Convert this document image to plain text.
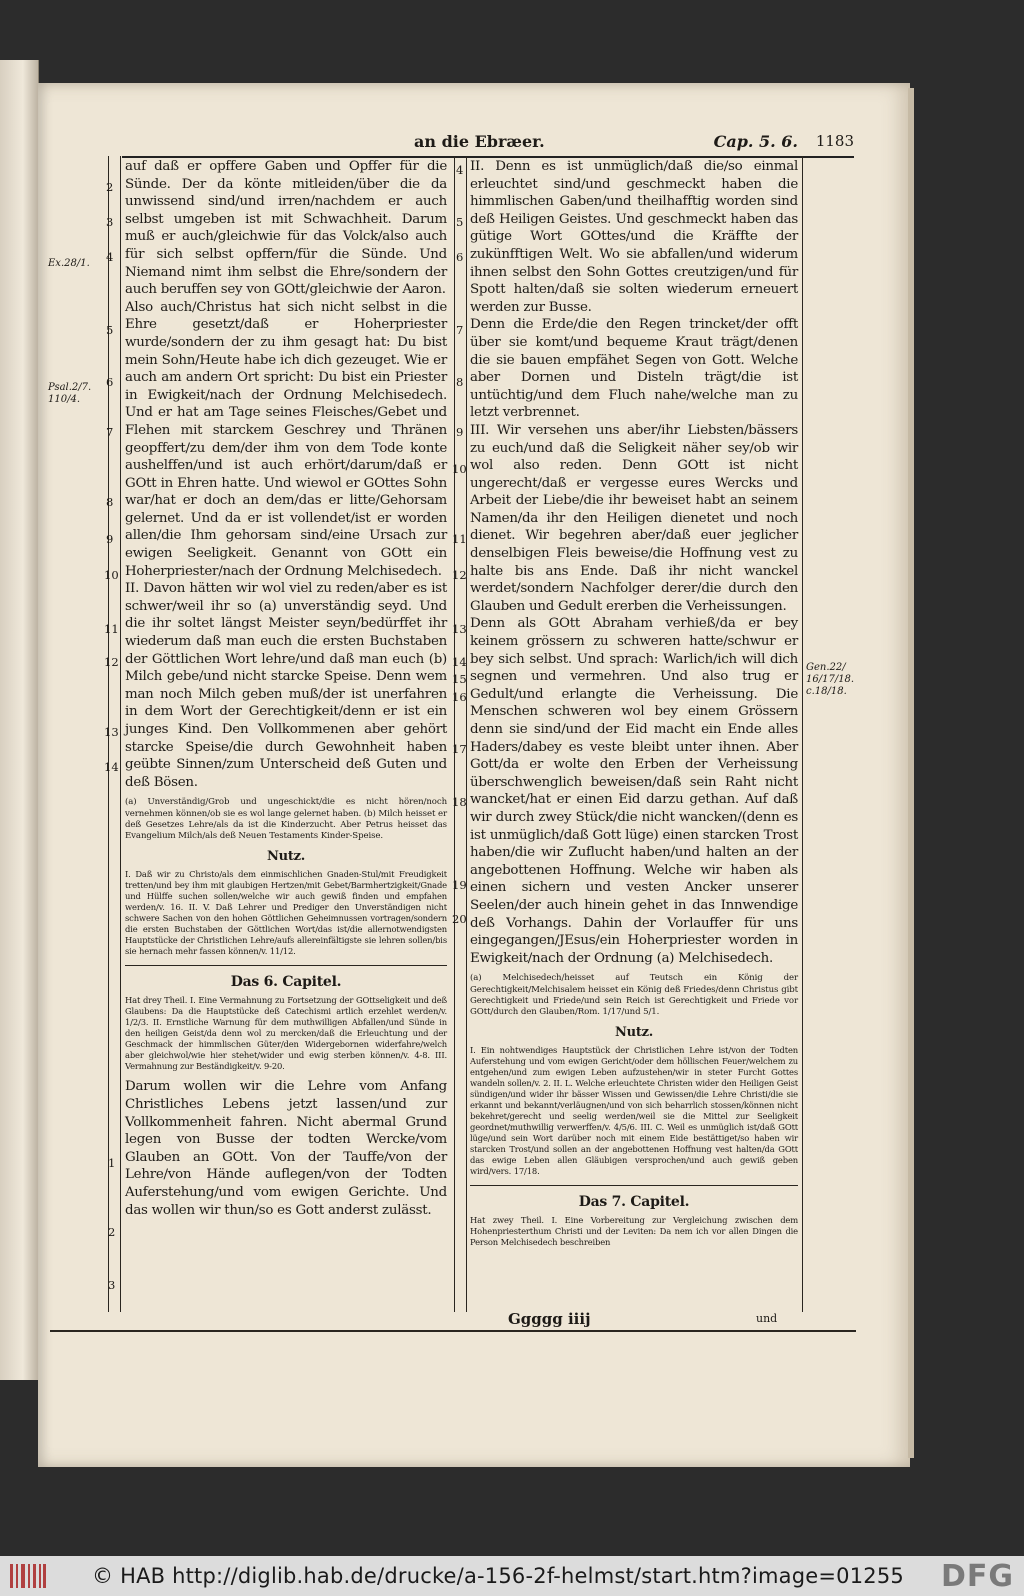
an die Ebræer.	Cap. 5. 6. 1183
Ex.28/1.
Psal.2/7. 110/4.
Gen.22/ 16/17/18. c.18/18.
2
3
4
5
6
7
8
9
10
11
12
13
14
1
2
3
4
5
6
7
8
9
10
11
12
13
14
15
16
17
18
19
20

auf daß er opffere Gaben und Opffer für die Sünde. Der da könte mitleiden/über die da unwissend sind/und irren/nachdem er auch selbst umgeben ist mit Schwachheit. Darum muß er auch/gleichwie für das Volck/also auch für sich selbst opffern/für die Sünde. Und Niemand nimt ihm selbst die Ehre/sondern der auch beruffen sey von GOtt/gleichwie der Aaron.

Also auch/Christus hat sich nicht selbst in die Ehre gesetzt/daß er Hoherpriester wurde/sondern der zu ihm gesagt hat: Du bist mein Sohn/Heute habe ich dich gezeuget. Wie er auch am andern Ort spricht: Du bist ein Priester in Ewigkeit/nach der Ordnung Melchisedech. Und er hat am Tage seines Fleisches/Gebet und Flehen mit starckem Geschrey und Thränen geopffert/zu dem/der ihm von dem Tode konte aushelffen/und ist auch erhört/darum/daß er GOtt in Ehren hatte. Und wiewol er GOttes Sohn war/hat er doch an dem/das er litte/Gehorsam gelernet. Und da er ist vollendet/ist er worden allen/die Ihm gehorsam sind/eine Ursach zur ewigen Seeligkeit. Genannt von GOtt ein Hoherpriester/nach der Ordnung Melchisedech.

II. Davon hätten wir wol viel zu reden/aber es ist schwer/weil ihr so (a) unverständig seyd. Und die ihr soltet längst Meister seyn/bedürffet ihr wiederum daß man euch die ersten Buchstaben der Göttlichen Wort lehre/und daß man euch (b) Milch gebe/und nicht starcke Speise. Denn wem man noch Milch geben muß/der ist unerfahren in dem Wort der Gerechtigkeit/denn er ist ein junges Kind. Den Vollkommenen aber gehört starcke Speise/die durch Gewohnheit haben geübte Sinnen/zum Unterscheid deß Guten und deß Bösen.

(a) Unverständig/Grob und ungeschickt/die es nicht hören/noch vernehmen können/ob sie es wol lange gelernet haben. (b) Milch heisset er deß Gesetzes Lehre/als da ist die Kinderzucht. Aber Petrus heisset das Evangelium Milch/als deß Neuen Testaments Kinder-Speise.

Nutz.

I. Daß wir zu Christo/als dem einmischlichen Gnaden-Stul/mit Freudigkeit tretten/und bey ihm mit glaubigen Hertzen/mit Gebet/Barmhertzigkeit/Gnade und Hülffe suchen sollen/welche wir auch gewiß finden und empfahen werden/v. 16. II. V. Daß Lehrer und Prediger den Unverständigen nicht schwere Sachen von den hohen Göttlichen Geheimnussen vortragen/sondern die ersten Buchstaben der Göttlichen Wort/das ist/die allernotwendigsten Hauptstücke der Christlichen Lehre/aufs allereinfältigste sie lehren sollen/bis sie hernach mehr fassen können/v. 11/12.

Das 6. Capitel.

Hat drey Theil. I. Eine Vermahnung zu Fortsetzung der GOttseligkeit und deß Glaubens: Da die Hauptstücke deß Catechismi artlich erzehlet werden/v. 1/2/3. II. Ernstliche Warnung für dem muthwilligen Abfallen/und Sünde in den heiligen Geist/da denn wol zu mercken/daß die Erleuchtung und der Geschmack der himmlischen Güter/den Widergebornen widerfahre/welch aber gleichwol/wie hier stehet/wider und ewig sterben können/v. 4-8. III. Vermahnung zur Beständigkeit/v. 9-20.

Darum wollen wir die Lehre vom Anfang Christliches Lebens jetzt lassen/und zur Vollkommenheit fahren. Nicht abermal Grund legen von Busse der todten Wercke/vom Glauben an GOtt. Von der Tauffe/von der Lehre/von Hände auflegen/von der Todten Auferstehung/und vom ewigen Gerichte. Und das wollen wir thun/so es Gott anderst zulässt.

II. Denn es ist unmüglich/daß die/so einmal erleuchtet sind/und geschmeckt haben die himmlischen Gaben/und theilhafftig worden sind deß Heiligen Geistes. Und geschmeckt haben das gütige Wort GOttes/und die Kräffte der zukünfftigen Welt. Wo sie abfallen/und widerum ihnen selbst den Sohn Gottes creutzigen/und für Spott halten/daß sie solten wiederum erneuert werden zur Busse.

Denn die Erde/die den Regen trincket/der offt über sie komt/und bequeme Kraut trägt/denen die sie bauen empfähet Segen von Gott. Welche aber Dornen und Disteln trägt/die ist untüchtig/und dem Fluch nahe/welche man zu letzt verbrennet.

III. Wir versehen uns aber/ihr Liebsten/bässers zu euch/und daß die Seligkeit näher sey/ob wir wol also reden. Denn GOtt ist nicht ungerecht/daß er vergesse eures Wercks und Arbeit der Liebe/die ihr beweiset habt an seinem Namen/da ihr den Heiligen dienetet und noch dienet. Wir begehren aber/daß euer jeglicher denselbigen Fleis beweise/die Hoffnung vest zu halte bis ans Ende. Daß ihr nicht wanckel werdet/sondern Nachfolger derer/die durch den Glauben und Gedult ererben die Verheissungen.

Denn als GOtt Abraham verhieß/da er bey keinem grössern zu schweren hatte/schwur er bey sich selbst. Und sprach: Warlich/ich will dich segnen und vermehren. Und also trug er Gedult/und erlangte die Verheissung. Die Menschen schweren wol bey einem Grössern denn sie sind/und der Eid macht ein Ende alles Haders/dabey es veste bleibt unter ihnen. Aber Gott/da er wolte den Erben der Verheissung überschwenglich beweisen/daß sein Raht nicht wancket/hat er einen Eid darzu gethan. Auf daß wir durch zwey Stück/die nicht wancken/(denn es ist unmüglich/daß Gott lüge) einen starcken Trost haben/die wir Zuflucht haben/und halten an der angebottenen Hoffnung. Welche wir haben als einen sichern und vesten Ancker unserer Seelen/der auch hinein gehet in das Innwendige deß Vorhangs. Dahin der Vorlauffer für uns eingegangen/JEsus/ein Hoherpriester worden in Ewigkeit/nach der Ordnung (a) Melchisedech.

(a) Melchisedech/heisset auf Teutsch ein König der Gerechtigkeit/Melchisalem heisset ein König deß Friedes/denn Christus gibt Gerechtigkeit und Friede/und sein Reich ist Gerechtigkeit und Friede vor GOtt/durch den Glauben/Rom. 1/17/und 5/1.

Nutz.

I. Ein nohtwendiges Hauptstück der Christlichen Lehre ist/von der Todten Auferstehung und vom ewigen Gericht/oder dem höllischen Feuer/welchem zu entgehen/und zum ewigen Leben aufzustehen/wir in steter Furcht Gottes wandeln sollen/v. 2. II. L. Welche erleuchtete Christen wider den Heiligen Geist sündigen/und wider ihr bässer Wissen und Gewissen/die Lehre Christi/die sie erkannt und bekannt/verläugnen/und von sich beharrlich stossen/können nicht bekehret/gerecht und seelig werden/weil sie die Mittel zur Seeligkeit geordnet/muthwillig verwerffen/v. 4/5/6. III. C. Weil es unmüglich ist/daß GOtt lüge/und sein Wort darüber noch mit einem Eide bestättiget/so haben wir starcken Trost/und sollen an der angebottenen Hoffnung vest halten/da GOtt das ewige Leben allen Gläubigen versprochen/und auch gewiß geben wird/vers. 17/18.

Das 7. Capitel.

Hat zwey Theil. I. Eine Vorbereitung zur Vergleichung zwischen dem Hohenpriesterthum Christi und der Leviten: Da nem ich vor allen Dingen die Person Melchisedech beschreiben

Ggggg iiij	und
© HAB http://diglib.hab.de/drucke/a-156-2f-helmst/start.htm?image=01255 DFG
